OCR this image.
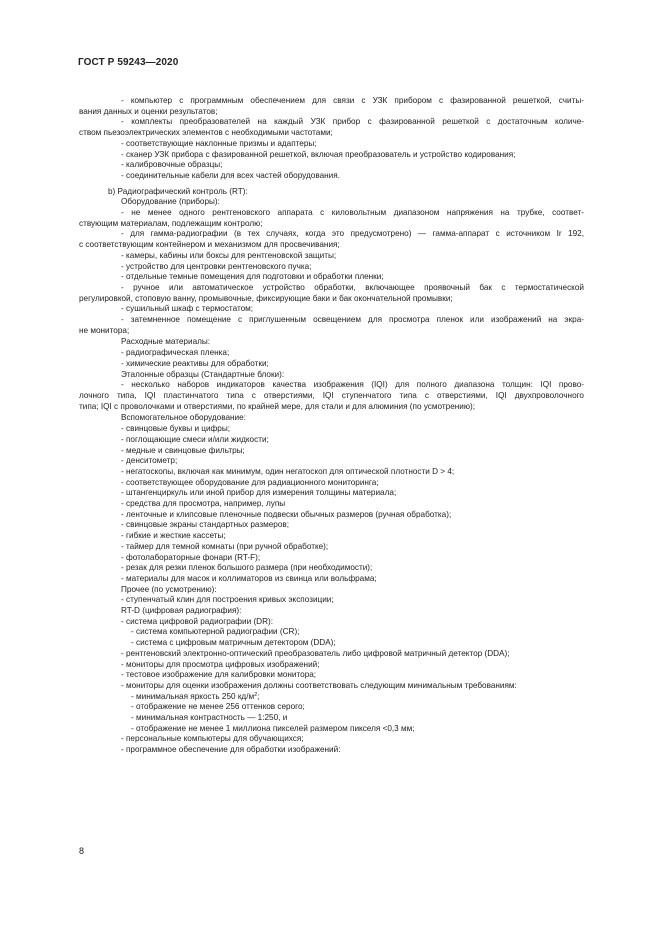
ГОСТ Р 59243—2020
- компьютер с программным обеспечением для связи с УЗК прибором с фазированной решеткой, считы-
вания данных и оценки результатов;
- комплекты преобразователей на каждый УЗК прибор с фазированной решеткой с достаточным количе-
ством пьезоэлектрических элементов с необходимыми частотами;
- соответствующие наклонные призмы и адаптеры;
- сканер УЗК прибора с фазированной решеткой, включая преобразователь и устройство кодирования;
- калибровочные образцы;
- соединительные кабели для всех частей оборудования.
b) Радиографический контроль (RT):
Оборудование (приборы):
- не менее одного рентгеновского аппарата с киловольтным диапазоном напряжения на трубке, соответ-
ствующим материалам, подлежащим контролю;
- для гамма-радиографии (в тех случаях, когда это предусмотрено) — гамма-аппарат с источником Ir 192,
с соответствующим контейнером и механизмом для просвечивания;
- камеры, кабины или боксы для рентгеновской защиты;
- устройство для центровки рентгеновского пучка;
- отдельные темные помещения для подготовки и обработки пленки;
- ручное или автоматическое устройство обработки, включающее проявочный бак с термостатической
регулировкой, стоповую ванну, промывочные, фиксирующие баки и бак окончательной промывки;
- сушильный шкаф с термостатом;
- затемненное помещение с приглушенным освещением для просмотра пленок или изображений на экра-
не монитора;
Расходные материалы:
- радиографическая пленка;
- химические реактивы для обработки;
Эталонные образцы (Стандартные блоки):
- несколько наборов индикаторов качества изображения (IQI) для полного диапазона толщин: IQI прово-
лочного типа, IQI пластинчатого типа с отверстиями, IQI ступенчатого типа с отверстиями, IQI двухпроволочного
типа; IQI с проволочками и отверстиями, по крайней мере, для стали и для алюминия (по усмотрению);
Вспомогательное оборудование:
- свинцовые буквы и цифры;
- поглощающие смеси и/или жидкости;
- медные и свинцовые фильтры;
- денситометр;
- негатоскопы, включая как минимум, один негатоскоп для оптической плотности D > 4;
- соответствующее оборудование для радиационного мониторинга;
- штангенциркуль или иной прибор для измерения толщины материала;
- средства для просмотра, например, лупы
- ленточные и клипсовые пленочные подвески обычных размеров (ручная обработка);
- свинцовые экраны стандартных размеров;
- гибкие и жесткие кассеты;
- таймер для темной комнаты (при ручной обработке);
- фотолабораторные фонари (RT-F);
- резак для резки пленок большого размера (при необходимости);
- материалы для масок и коллиматоров из свинца или вольфрама;
Прочее (по усмотрению):
- ступенчатый клин для построения кривых экспозиции;
RT-D (цифровая радиография):
- система цифровой радиографии (DR):
- система компьютерной радиографии (CR);
- система с цифровым матричным детектором (DDA);
- рентгеновский электронно-оптический преобразователь либо цифровой матричный детектор (DDA);
- мониторы для просмотра цифровых изображений;
- тестовое изображение для калибровки монитора;
- мониторы для оценки изображения должны соответствовать следующим минимальным требованиям:
- минимальная яркость 250 $кд/м^2$;
- отображение не менее 256 оттенков серого;
- минимальная контрастность — 1:250, и
- отображение не менее 1 миллиона пикселей размером пикселя <0,3 мм;
- персональные компьютеры для обучающихся;
- программное обеспечение для обработки изображений:
8
